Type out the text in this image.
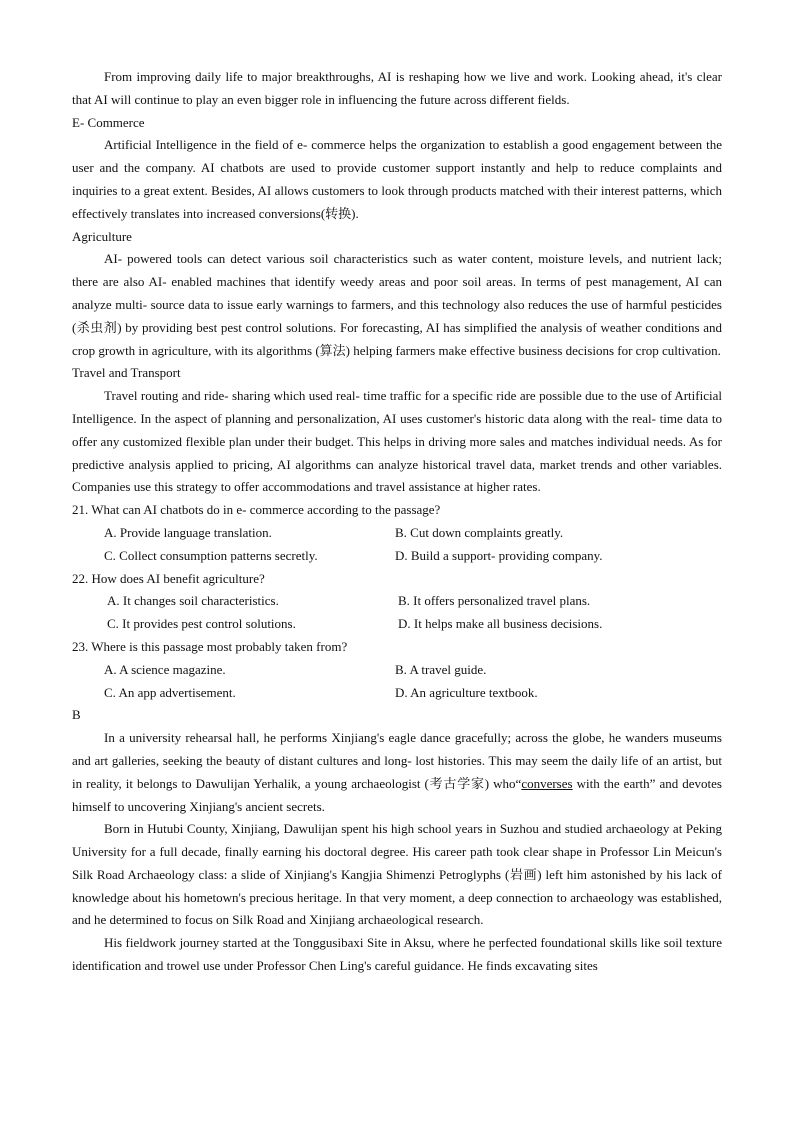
From improving daily life to major breakthroughs, AI is reshaping how we live and work. Looking ahead, it's clear that AI will continue to play an even bigger role in influencing the future across different fields.

E- Commerce

Artificial Intelligence in the field of e- commerce helps the organization to establish a good engagement between the user and the company. AI chatbots are used to provide customer support instantly and help to reduce complaints and inquiries to a great extent. Besides, AI allows customers to look through products matched with their interest patterns, which effectively translates into increased conversions(转换).

Agriculture

AI- powered tools can detect various soil characteristics such as water content, moisture levels, and nutrient lack; there are also AI- enabled machines that identify weedy areas and poor soil areas. In terms of pest management, AI can analyze multi- source data to issue early warnings to farmers, and this technology also reduces the use of harmful pesticides (杀虫剂) by providing best pest control solutions. For forecasting, AI has simplified the analysis of weather conditions and crop growth in agriculture, with its algorithms (算法) helping farmers make effective business decisions for crop cultivation.

Travel and Transport

Travel routing and ride- sharing which used real- time traffic for a specific ride are possible due to the use of Artificial Intelligence. In the aspect of planning and personalization, AI uses customer's historic data along with the real- time data to offer any customized flexible plan under their budget. This helps in driving more sales and matches individual needs. As for predictive analysis applied to pricing, AI algorithms can analyze historical travel data, market trends and other variables. Companies use this strategy to offer accommodations and travel assistance at higher rates.

21. What can AI chatbots do in e- commerce according to the passage?

A. Provide language translation.	B. Cut down complaints greatly.
C. Collect consumption patterns secretly.	D. Build a support- providing company.

22. How does AI benefit agriculture?

A. It changes soil characteristics.	B. It offers personalized travel plans.
C. It provides pest control solutions.	D. It helps make all business decisions.

23. Where is this passage most probably taken from?

A. A science magazine.	B. A travel guide.
C. An app advertisement.	D. An agriculture textbook.

B

In a university rehearsal hall, he performs Xinjiang's eagle dance gracefully; across the globe, he wanders museums and art galleries, seeking the beauty of distant cultures and long- lost histories. This may seem the daily life of an artist, but in reality, it belongs to Dawulijan Yerhalik, a young archaeologist (考古学家) who“converses with the earth” and devotes himself to uncovering Xinjiang's ancient secrets.

Born in Hutubi County, Xinjiang, Dawulijan spent his high school years in Suzhou and studied archaeology at Peking University for a full decade, finally earning his doctoral degree. His career path took clear shape in Professor Lin Meicun's Silk Road Archaeology class: a slide of Xinjiang's Kangjia Shimenzi Petroglyphs (岩画) left him astonished by his lack of knowledge about his hometown's precious heritage. In that very moment, a deep connection to archaeology was established, and he determined to focus on Silk Road and Xinjiang archaeological research.

His fieldwork journey started at the Tonggusibaxi Site in Aksu, where he perfected foundational skills like soil texture identification and trowel use under Professor Chen Ling's careful guidance. He finds excavating sites
